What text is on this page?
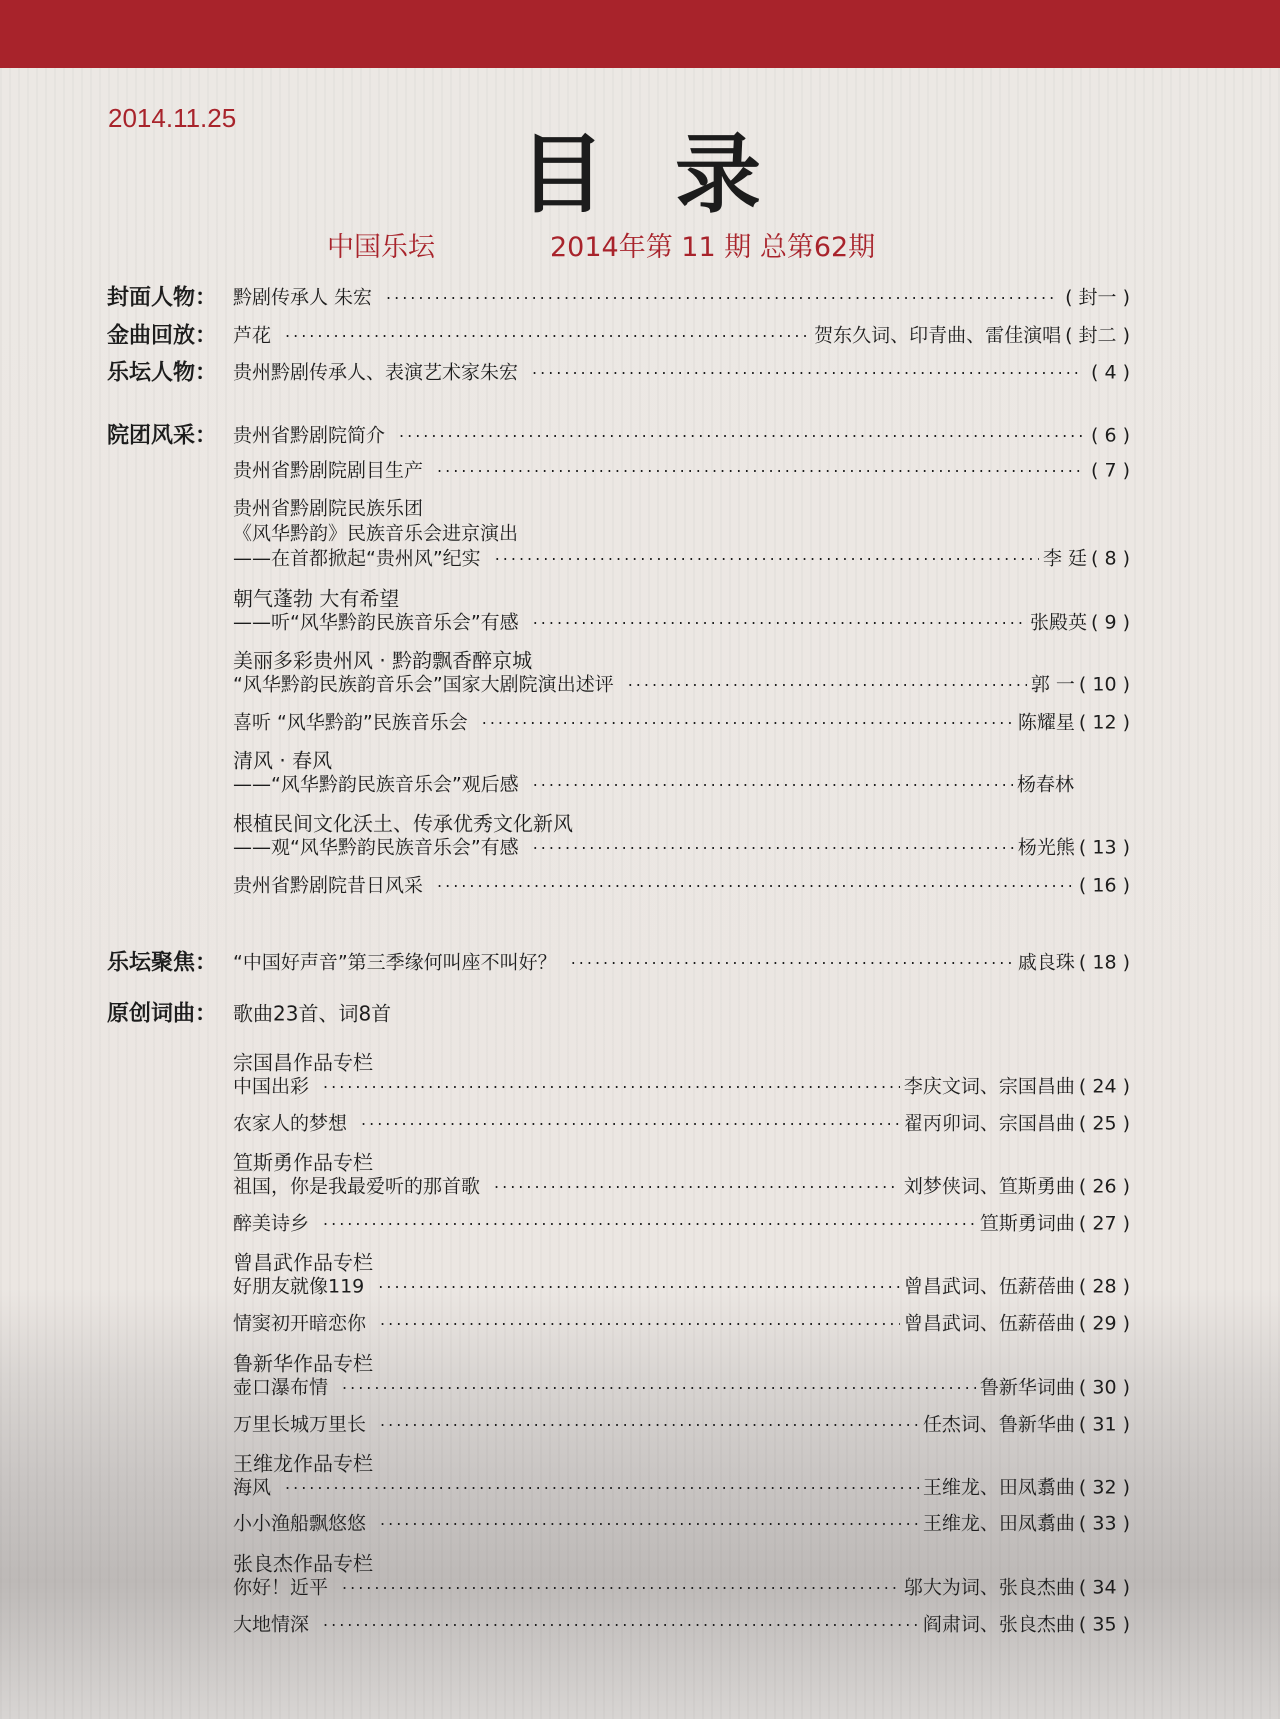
2014.11.25
目录
中国乐坛	2014年第 11 期 总第62期
封面人物： 黔剧传承人 朱宏 ·····	( 封一 )
金曲回放： 芦花 ·····	贺东久词、印青曲、雷佳演唱 ( 封二 )
乐坛人物： 贵州黔剧传承人、表演艺术家朱宏 ·····	( 4 )
院团风采： 贵州省黔剧院简介 ·····	( 6 )
贵州省黔剧院剧目生产 ·····	( 7 )
贵州省黔剧院民族乐团
《风华黔韵》民族音乐会进京演出
——在首都掀起“贵州风”纪实 ·····	李 廷 ( 8 )
朝气蓬勃 大有希望
——听“风华黔韵民族音乐会”有感 ·····	张殿英 ( 9 )
美丽多彩贵州风 · 黔韵飘香醉京城
“风华黔韵民族韵音乐会”国家大剧院演出述评 ·····	郭 一 ( 10 )
喜听 “风华黔韵”民族音乐会 ·····	陈耀星 ( 12 )
清风 · 春风
——“风华黔韵民族音乐会”观后感 ·····	杨春林
根植民间文化沃土、传承优秀文化新风
——观“风华黔韵民族音乐会”有感 ·····	杨光熊 ( 13 )
贵州省黔剧院昔日风采 ·····	( 16 )
乐坛聚焦： “中国好声音”第三季缘何叫座不叫好？ ·····	戚良珠 ( 18 )
原创词曲： 歌曲23首、词8首
宗国昌作品专栏
中国出彩 ·····	李庆文词、宗国昌曲 ( 24 )
农家人的梦想 ·····	翟丙卯词、宗国昌曲 ( 25 )
笪斯勇作品专栏
祖国，你是我最爱听的那首歌 ·····	刘梦侠词、笪斯勇曲 ( 26 )
醉美诗乡 ·····	笪斯勇词曲 ( 27 )
曾昌武作品专栏
好朋友就像119 ·····	曾昌武词、伍薪蓓曲 ( 28 )
情窦初开暗恋你 ·····	曾昌武词、伍薪蓓曲 ( 29 )
鲁新华作品专栏
壶口瀑布情 ·····	鲁新华词曲 ( 30 )
万里长城万里长 ·····	任杰词、鲁新华曲 ( 31 )
王维龙作品专栏
海风 ·····	王维龙、田凤翥曲 ( 32 )
小小渔船飘悠悠 ·····	王维龙、田凤翥曲 ( 33 )
张良杰作品专栏
你好！近平 ·····	邬大为词、张良杰曲 ( 34 )
大地情深 ·····	阎肃词、张良杰曲 ( 35 )
